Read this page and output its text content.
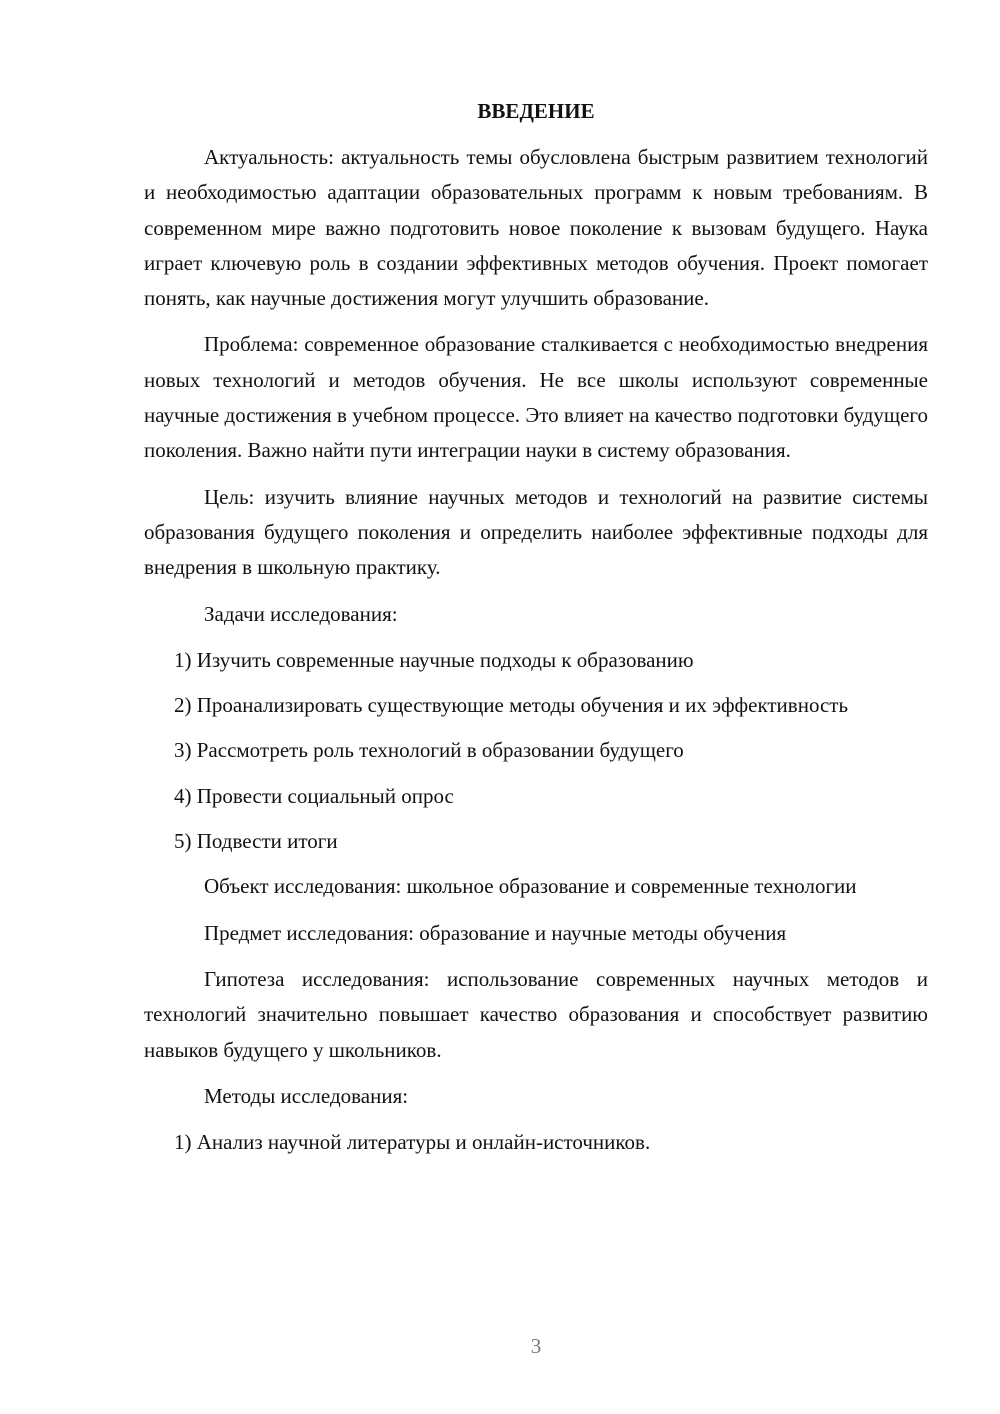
ВВЕДЕНИЕ

Актуальность: актуальность темы обусловлена быстрым развитием технологий и необходимостью адаптации образовательных программ к новым требованиям. В современном мире важно подготовить новое поколение к вызовам будущего. Наука играет ключевую роль в создании эффективных методов обучения. Проект помогает понять, как научные достижения могут улучшить образование.

Проблема: современное образование сталкивается с необходимостью внедрения новых технологий и методов обучения. Не все школы используют современные научные достижения в учебном процессе. Это влияет на качество подготовки будущего поколения. Важно найти пути интеграции науки в систему образования.

Цель: изучить влияние научных методов и технологий на развитие системы образования будущего поколения и определить наиболее эффективные подходы для внедрения в школьную практику.

Задачи исследования:

1) Изучить современные научные подходы к образованию

2) Проанализировать существующие методы обучения и их эффективность

3) Рассмотреть роль технологий в образовании будущего

4) Провести социальный опрос

5) Подвести итоги

Объект исследования: школьное образование и современные технологии

Предмет исследования: образование и научные методы обучения

Гипотеза исследования: использование современных научных методов и технологий значительно повышает качество образования и способствует развитию навыков будущего у школьников.

Методы исследования:

1) Анализ научной литературы и онлайн-источников.

3
